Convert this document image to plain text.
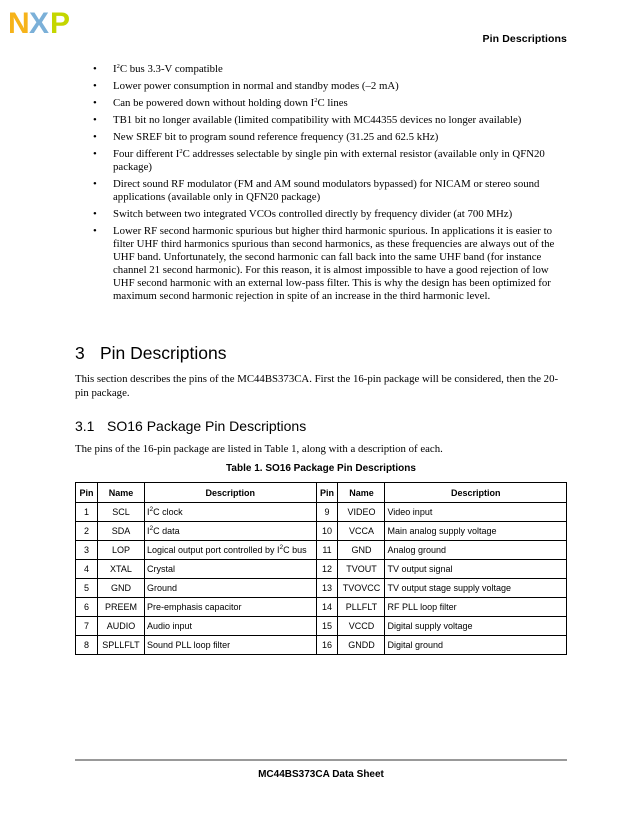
N X P	Pin Descriptions
• $I^2C$ bus 3.3-V compatible
• Lower power consumption in normal and standby modes (–2 mA)
• Can be powered down without holding down $I^2C$ lines
• TB1 bit no longer available (limited compatibility with MC44355 devices no longer available)
• New SREF bit to program sound reference frequency (31.25 and 62.5 kHz)
• Four different $I^2C$ addresses selectable by single pin with external resistor (available only in QFN20 package)
• Direct sound RF modulator (FM and AM sound modulators bypassed) for NICAM or stereo sound applications (available only in QFN20 package)
• Switch between two integrated VCOs controlled directly by frequency divider (at 700 MHz)
• Lower RF second harmonic spurious but higher third harmonic spurious. In applications it is easier to filter UHF third harmonics spurious than second harmonics, as these frequencies are always out of the UHF band. Unfortunately, the second harmonic can fall back into the same UHF band (for instance channel 21 second harmonic). For this reason, it is almost impossible to have a good rejection of low UHF second harmonic with an external low-pass filter. This is why the design has been optimized for maximum second harmonic rejection in spite of an increase in the third harmonic level.
3 Pin Descriptions
This section describes the pins of the MC44BS373CA. First the 16-pin package will be considered, then the 20-pin package.
3.1 SO16 Package Pin Descriptions
The pins of the 16-pin package are listed in Table 1, along with a description of each.
Table 1. SO16 Package Pin Descriptions
Pin	Name	Description	Pin	Name	Description
1	SCL	$I^2C$ clock	9	VIDEO	Video input
2	SDA	$I^2C$ data	10	VCCA	Main analog supply voltage
3	LOP	Logical output port controlled by $I^2C$ bus	11	GND	Analog ground
4	XTAL	Crystal	12	TVOUT	TV output signal
5	GND	Ground	13	TVOVCC	TV output stage supply voltage
6	PREEM	Pre-emphasis capacitor	14	PLLFLT	RF PLL loop filter
7	AUDIO	Audio input	15	VCCD	Digital supply voltage
8	SPLLFLT	Sound PLL loop filter	16	GNDD	Digital ground
MC44BS373CA Data Sheet
